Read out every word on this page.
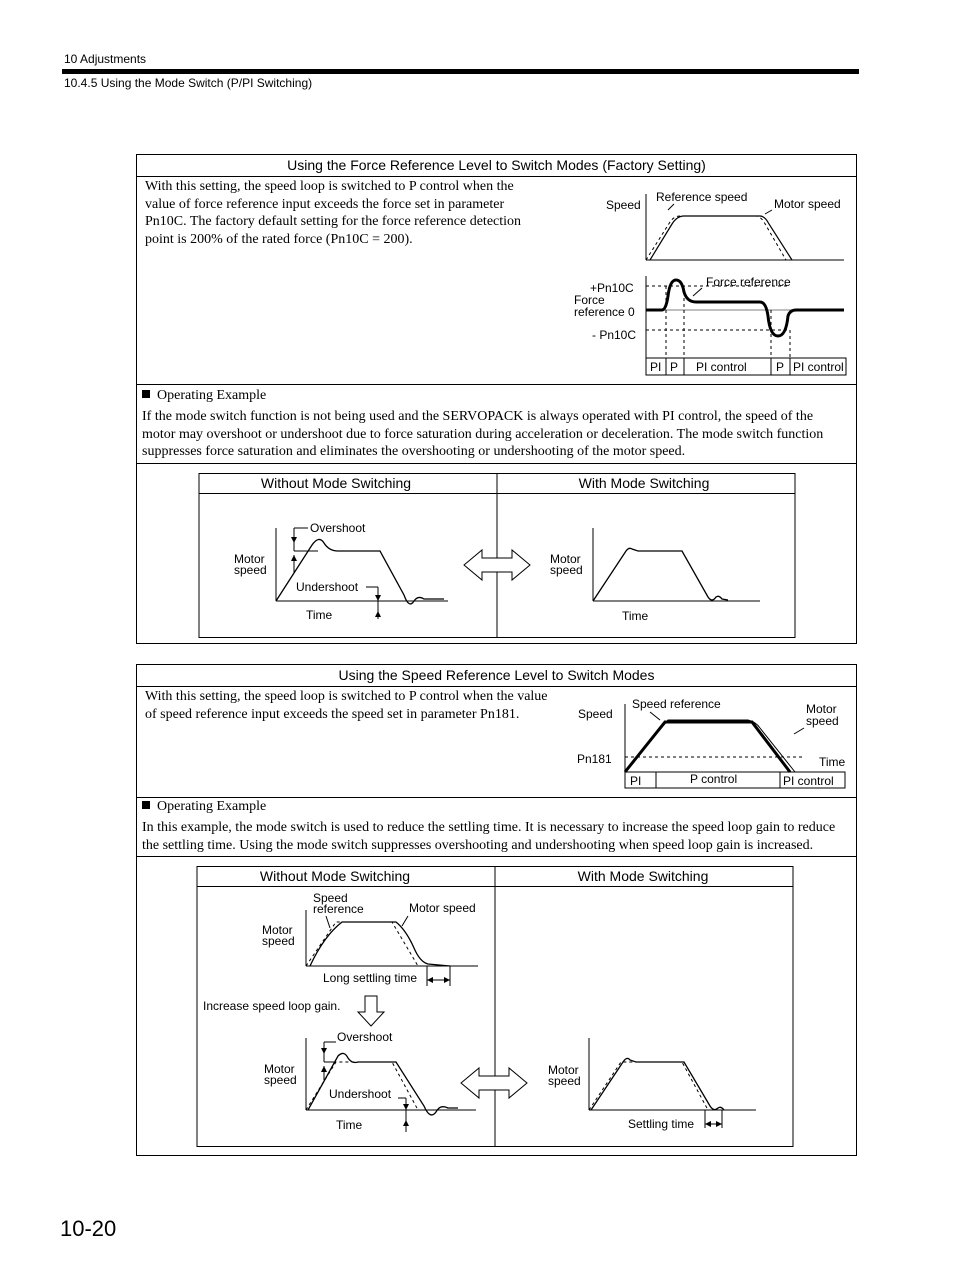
10 Adjustments
10.4.5 Using the Mode Switch (P/PI Switching)
Using the Force Reference Level to Switch Modes (Factory Setting)
With this setting, the speed loop is switched to P control when the
value of force reference input exceeds the force set in parameter
Pn10C. The factory default setting for the force reference detection
point is 200% of the rated force (Pn10C = 200).
Operating Example
If the mode switch function is not being used and the SERVOPACK is always operated with PI control, the speed of the
motor may overshoot or undershoot due to force saturation during acceleration or deceleration. The mode switch function
suppresses force saturation and eliminates the overshooting or undershooting of the motor speed.
Speed
Reference speed Motor speed
+Pn10C
Force
reference 0
- Pn10C
Force reference
PI P PI control P PI control
Without Mode Switching	With Mode Switching
Motor
speed
Overshoot
Undershoot
Time
Motor
speed
Time
Using the Speed Reference Level to Switch Modes
With this setting, the speed loop is switched to P control when the value
of speed reference input exceeds the speed set in parameter Pn181.
Operating Example
In this example, the mode switch is used to reduce the settling time. It is necessary to increase the speed loop gain to reduce
the settling time. Using the mode switch suppresses overshooting and undershooting when speed loop gain is increased.
Speed
Speed reference	Motor
speed
Time
Pn181
PI	P control	PI control
Without Mode Switching	With Mode Switching
Speed
reference	Motor speed
Motor
speed
Long settling time
Increase speed loop gain.
Overshoot
Motor
speed
Undershoot
Time
Motor
speed
Settling time
10-20
